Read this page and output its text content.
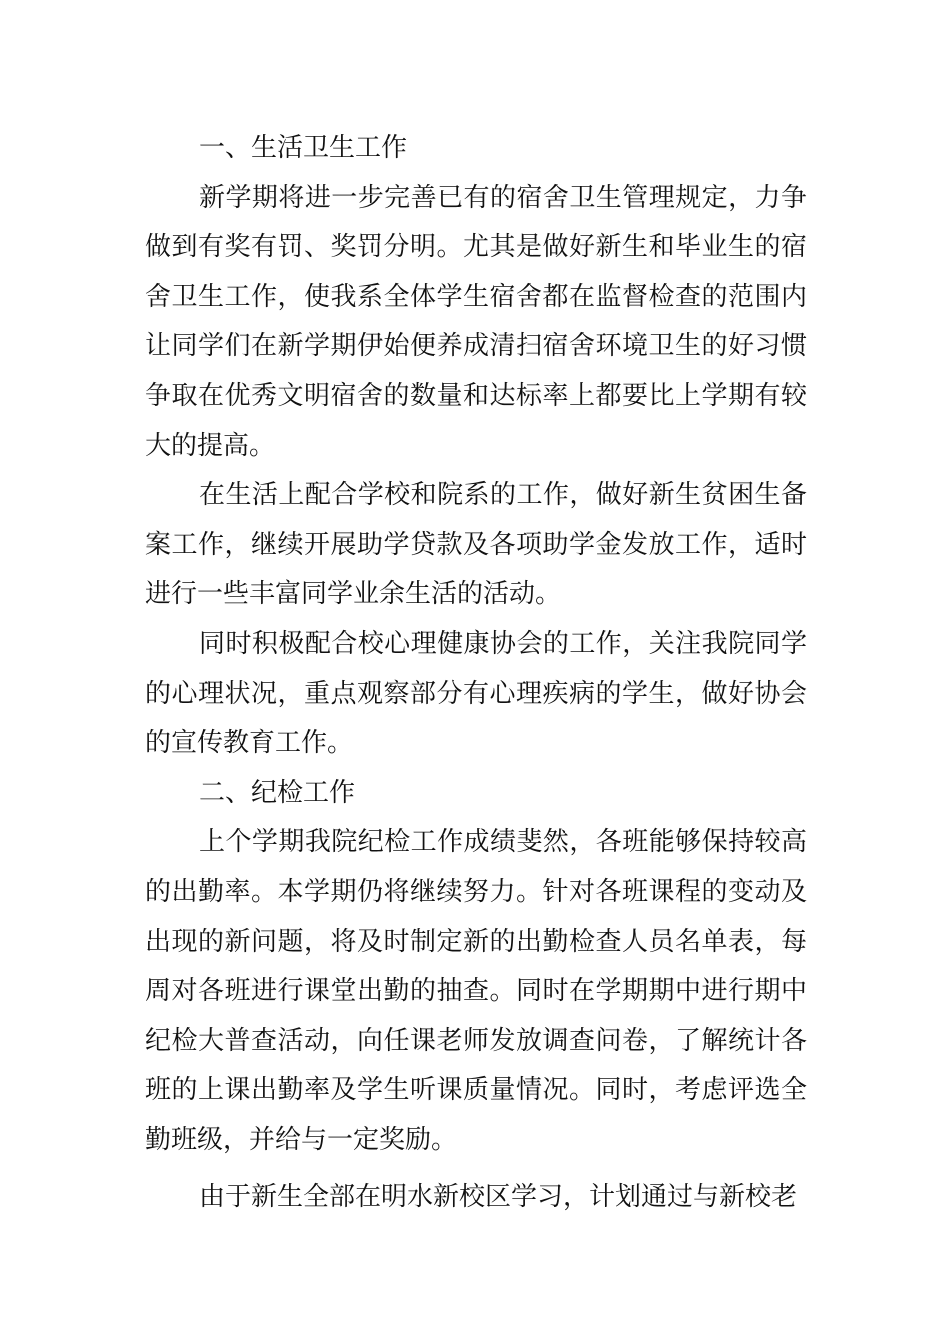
一、生活卫生工作

新学期将进一步完善已有的宿舍卫生管理规定，力争做到有奖有罚、奖罚分明。尤其是做好新生和毕业生的宿舍卫生工作，使我系全体学生宿舍都在监督检查的范围内让同学们在新学期伊始便养成清扫宿舍环境卫生的好习惯争取在优秀文明宿舍的数量和达标率上都要比上学期有较大的提高。

在生活上配合学校和院系的工作，做好新生贫困生备案工作，继续开展助学贷款及各项助学金发放工作，适时进行一些丰富同学业余生活的活动。

同时积极配合校心理健康协会的工作，关注我院同学的心理状况，重点观察部分有心理疾病的学生，做好协会的宣传教育工作。

二、纪检工作

上个学期我院纪检工作成绩斐然，各班能够保持较高的出勤率。本学期仍将继续努力。针对各班课程的变动及出现的新问题，将及时制定新的出勤检查人员名单表，每周对各班进行课堂出勤的抽查。同时在学期期中进行期中纪检大普查活动，向任课老师发放调查问卷，了解统计各班的上课出勤率及学生听课质量情况。同时，考虑评选全勤班级，并给与一定奖励。

由于新生全部在明水新校区学习，计划通过与新校老
